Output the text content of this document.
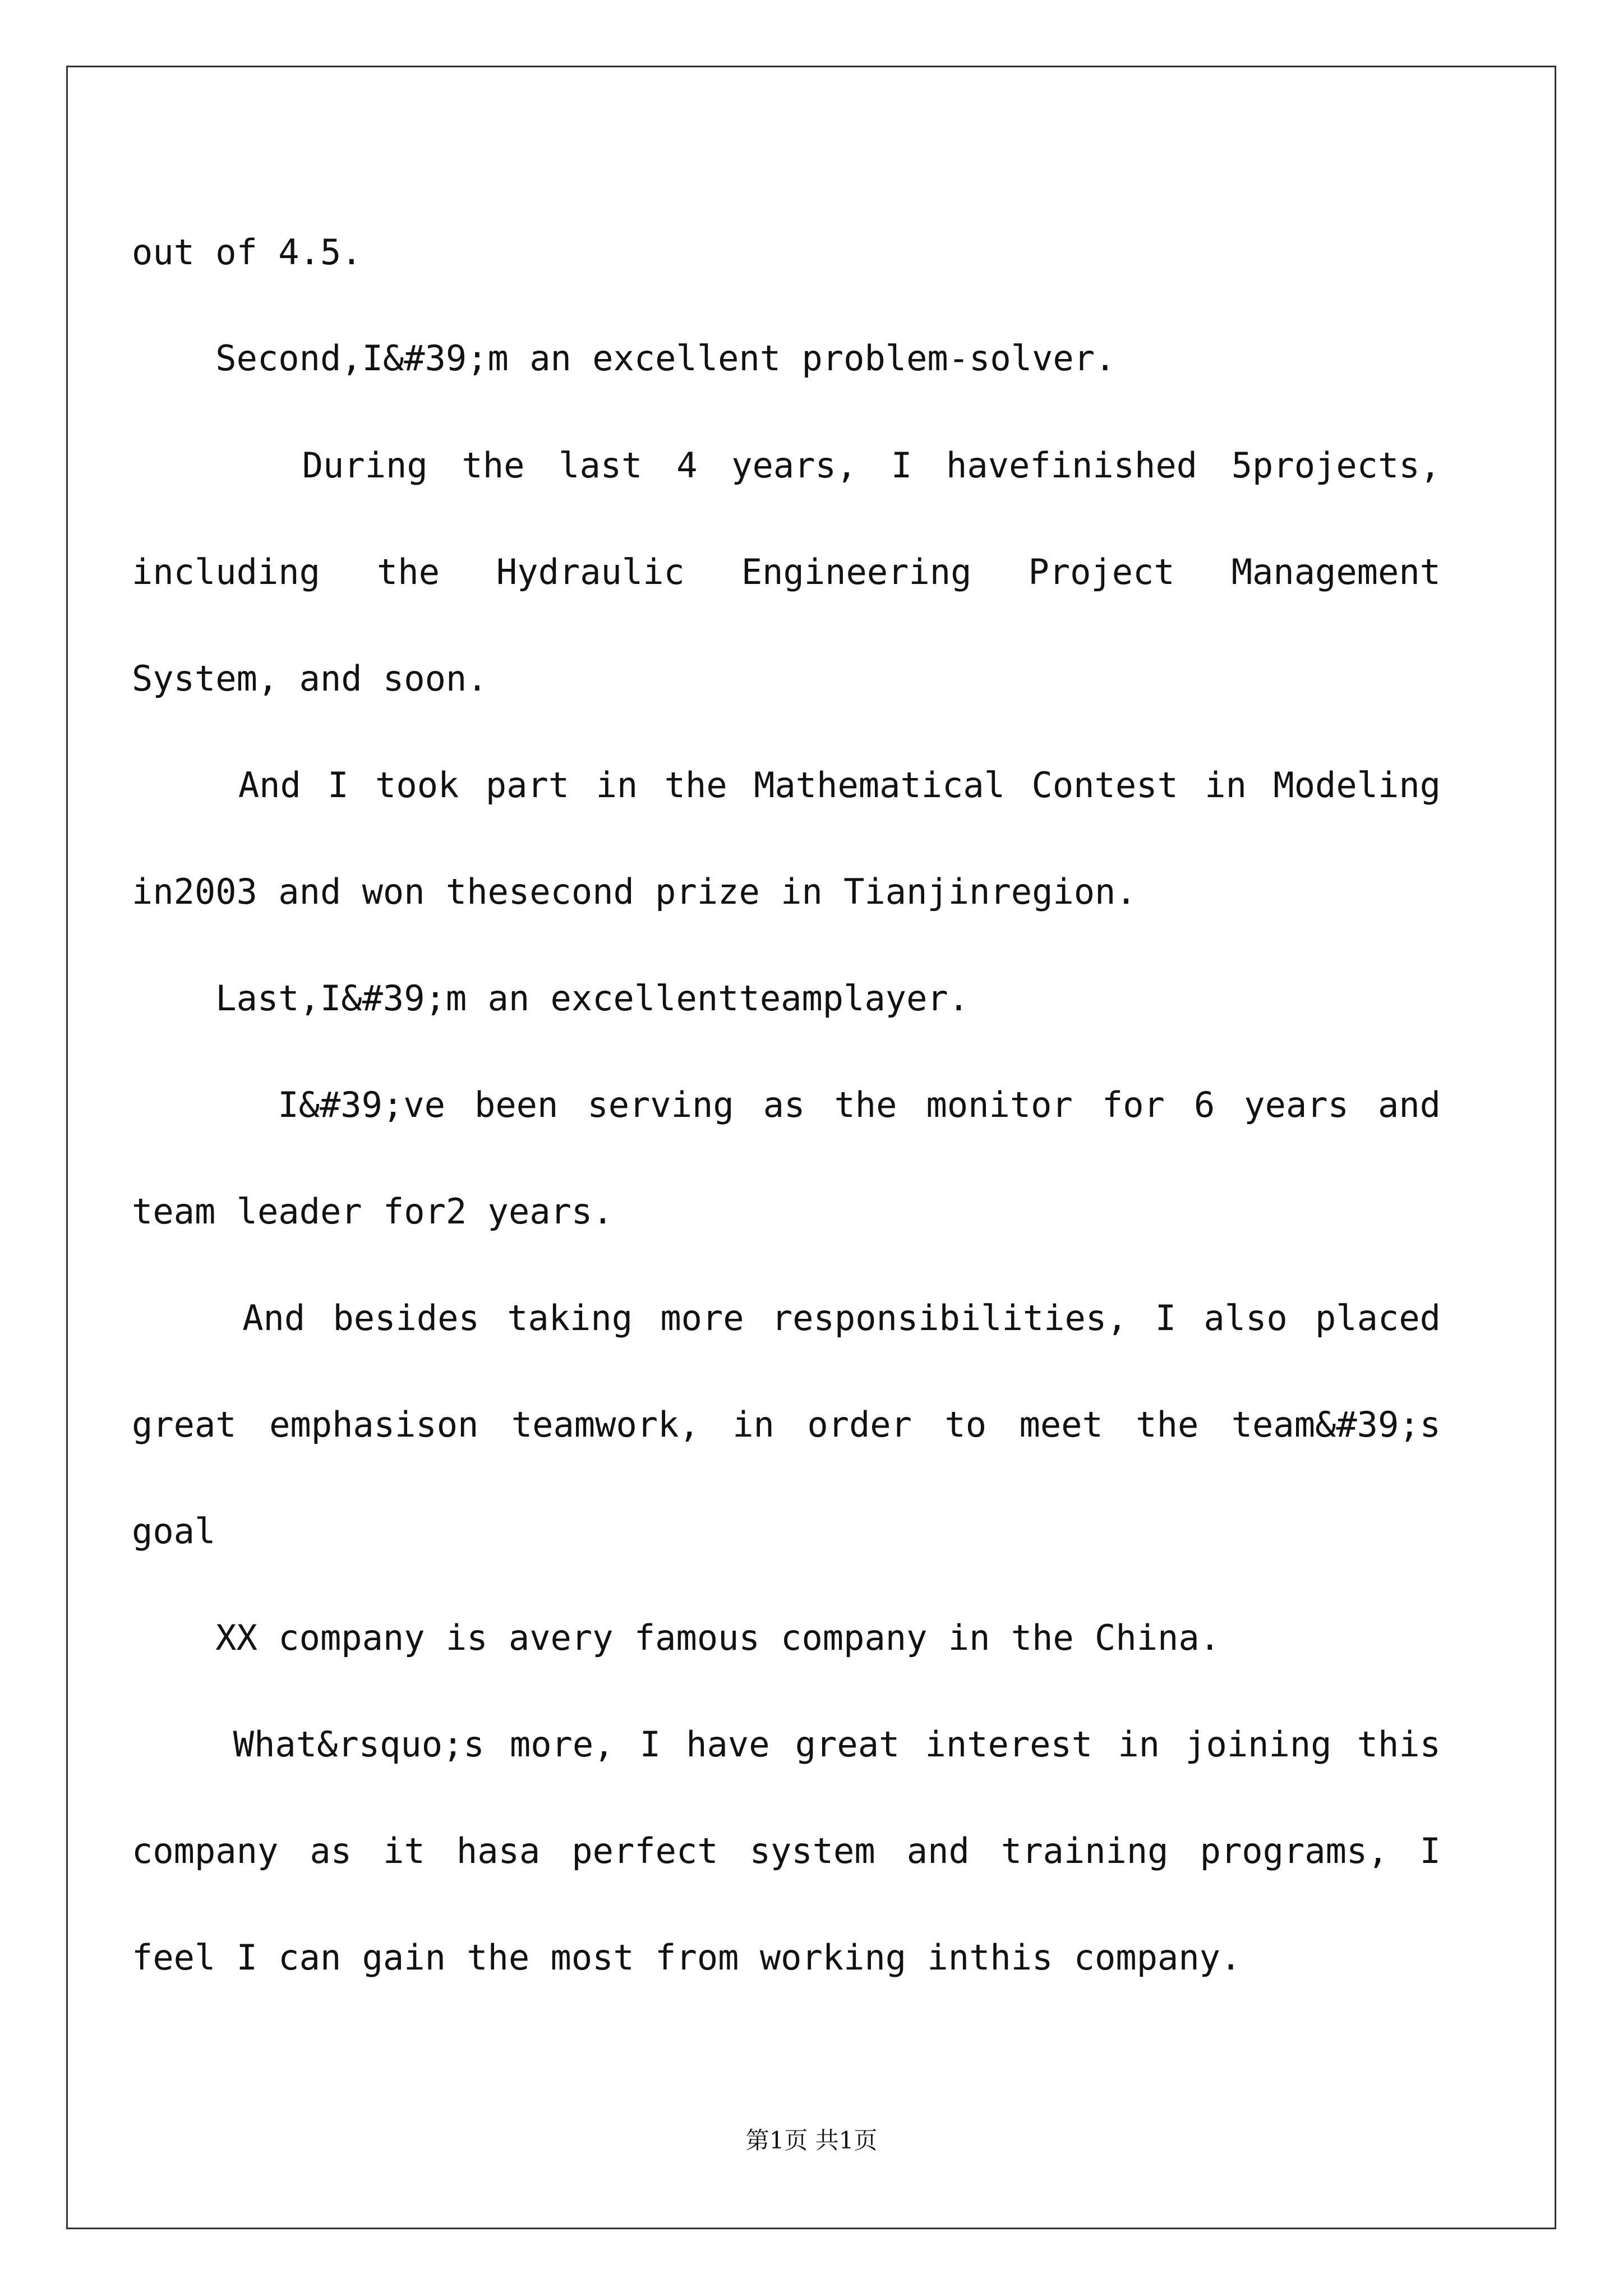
out of 4.5.
Second,I&#39;m an excellent problem-solver.
During the last 4 years, I havefinished 5projects,
including the Hydraulic Engineering Project Management
System, and soon.
And I took part in the Mathematical Contest in Modeling
in2003 and won thesecond prize in Tianjinregion.
Last,I&#39;m an excellentteamplayer.
I&#39;ve been serving as the monitor for 6 years and
team leader for2 years.
And besides taking more responsibilities, I also placed
great emphasison teamwork, in order to meet the team&#39;s
goal
XX company is avery famous company in the China.
What&rsquo;s more, I have great interest in joining this
company as it hasa perfect system and training programs, I
feel I can gain the most from working inthis company.
第1页 共1页
